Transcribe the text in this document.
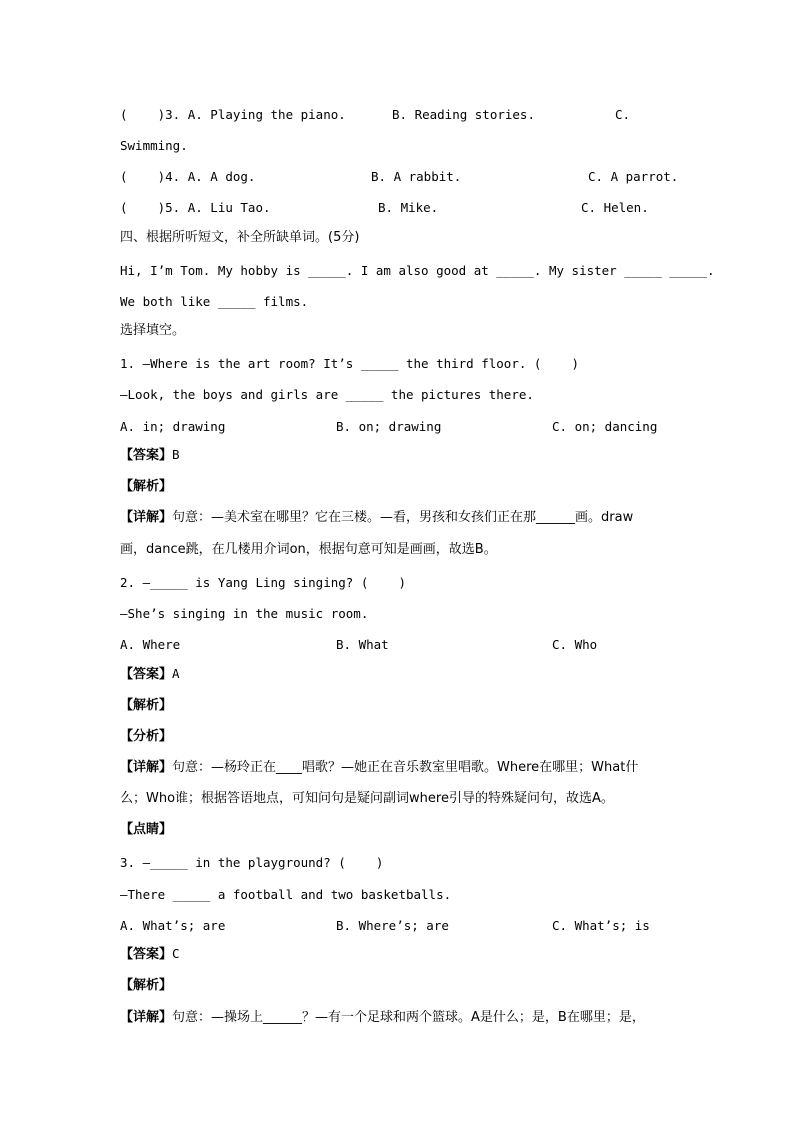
(    )3. A. Playing the piano.	B. Reading stories.	C.
Swimming.
(    )4. A. A dog.	B. A rabbit.	C. A parrot.
(    )5. A. Liu Tao.	B. Mike.	C. Helen.
四、根据所听短文，补全所缺单词。(5分)
Hi, I’m Tom. My hobby is _____. I am also good at _____. My sister _____ _____.
We both like _____ films.
选择填空。
1. —Where is the art room? It’s _____ the third floor. (    )
—Look, the boys and girls are _____ the pictures there.
A. in; drawing	B. on; drawing	C. on; dancing
【答案】B
【解析】
【详解】句意：—美术室在哪里？它在三楼。—看，男孩和女孩们正在那______画。draw
画，dance跳，在几楼用介词on，根据句意可知是画画，故选B。
2. —_____ is Yang Ling singing? (    )
—She’s singing in the music room.
A. Where	B. What	C. Who
【答案】A
【解析】
【分析】
【详解】句意：—杨玲正在____唱歌？—她正在音乐教室里唱歌。Where在哪里；What什
么；Who谁；根据答语地点，可知问句是疑问副词where引导的特殊疑问句，故选A。
【点睛】
3. —_____ in the playground? (    )
—There _____ a football and two basketballs.
A. What’s; are	B. Where’s; are	C. What’s; is
【答案】C
【解析】
【详解】句意：—操场上______？—有一个足球和两个篮球。A是什么；是，B在哪里；是，
